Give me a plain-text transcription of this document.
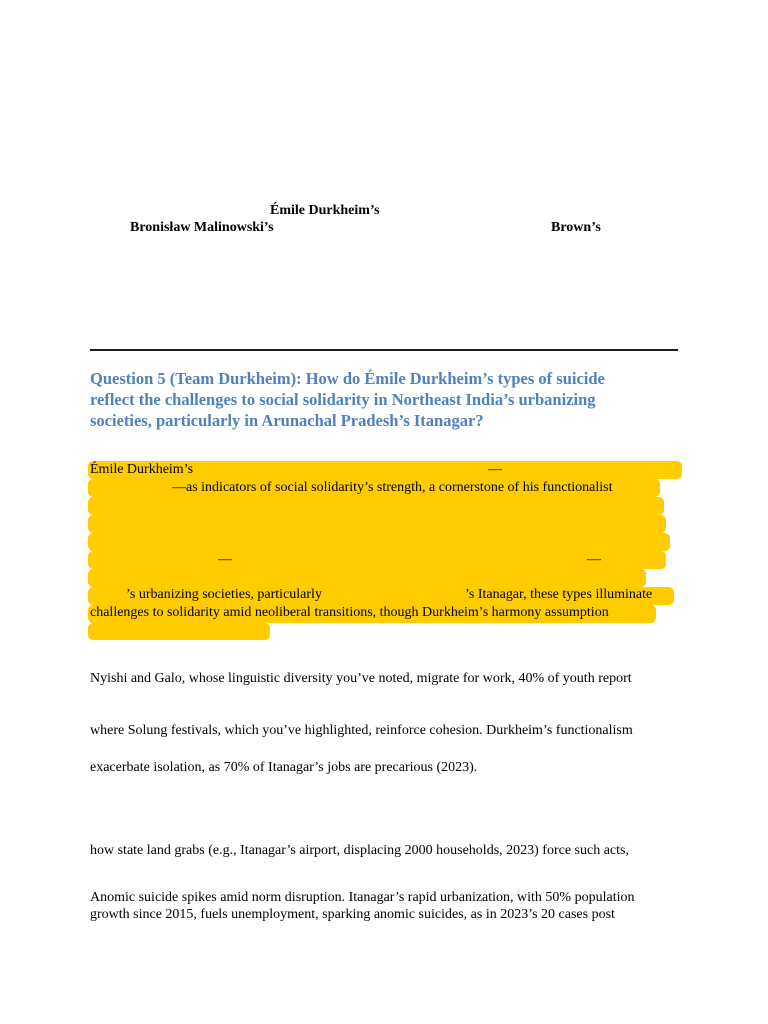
Émile Durkheim’s
Bronisław Malinowski’s	Brown’s
Question 5 (Team Durkheim): How do Émile Durkheim’s types of suicide
reflect the challenges to social solidarity in Northeast India’s urbanizing
societies, particularly in Arunachal Pradesh’s Itanagar?
Émile Durkheim’s	—
—as indicators of social solidarity’s strength, a cornerstone of his functionalist
—	—
’s urbanizing societies, particularly	’s Itanagar, these types illuminate
challenges to solidarity amid neoliberal transitions, though Durkheim’s harmony assumption
Nyishi and Galo, whose linguistic diversity you’ve noted, migrate for work, 40% of youth report
where Solung festivals, which you’ve highlighted, reinforce cohesion. Durkheim’s functionalism
exacerbate isolation, as 70% of Itanagar’s jobs are precarious (2023).
how state land grabs (e.g., Itanagar’s airport, displacing 2000 households, 2023) force such acts,
Anomic suicide spikes amid norm disruption. Itanagar’s rapid urbanization, with 50% population
growth since 2015, fuels unemployment, sparking anomic suicides, as in 2023’s 20 cases post
